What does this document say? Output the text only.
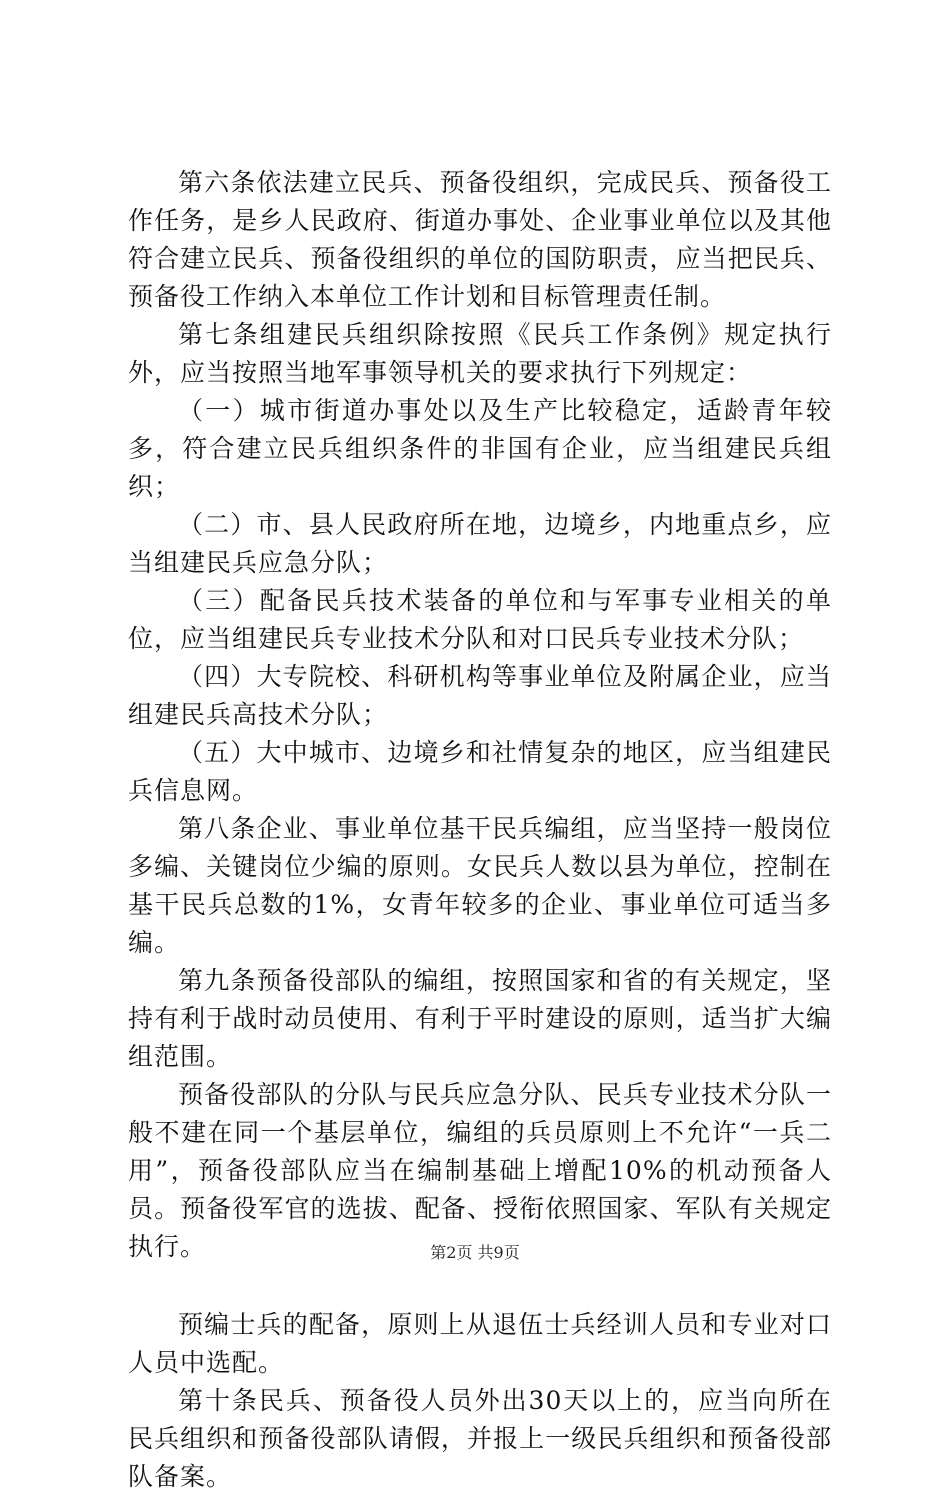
第六条依法建立民兵、预备役组织，完成民兵、预备役工作任务，是乡人民政府、街道办事处、企业事业单位以及其他符合建立民兵、预备役组织的单位的国防职责，应当把民兵、预备役工作纳入本单位工作计划和目标管理责任制。

第七条组建民兵组织除按照《民兵工作条例》规定执行外，应当按照当地军事领导机关的要求执行下列规定：

（一）城市街道办事处以及生产比较稳定，适龄青年较多，符合建立民兵组织条件的非国有企业，应当组建民兵组织；

（二）市、县人民政府所在地，边境乡，内地重点乡，应当组建民兵应急分队；

（三）配备民兵技术装备的单位和与军事专业相关的单位，应当组建民兵专业技术分队和对口民兵专业技术分队；

（四）大专院校、科研机构等事业单位及附属企业，应当组建民兵高技术分队；

（五）大中城市、边境乡和社情复杂的地区，应当组建民兵信息网。

第八条企业、事业单位基干民兵编组，应当坚持一般岗位多编、关键岗位少编的原则。女民兵人数以县为单位，控制在基干民兵总数的1%，女青年较多的企业、事业单位可适当多编。

第九条预备役部队的编组，按照国家和省的有关规定，坚持有利于战时动员使用、有利于平时建设的原则，适当扩大编组范围。

预备役部队的分队与民兵应急分队、民兵专业技术分队一般不建在同一个基层单位，编组的兵员原则上不允许“一兵二用”，预备役部队应当在编制基础上增配10%的机动预备人员。预备役军官的选拔、配备、授衔依照国家、军队有关规定执行。

预编士兵的配备，原则上从退伍士兵经训人员和专业对口人员中选配。

第十条民兵、预备役人员外出30天以上的，应当向所在民兵组织和预备役部队请假，并报上一级民兵组织和预备役部队备案。

第2页 共9页
